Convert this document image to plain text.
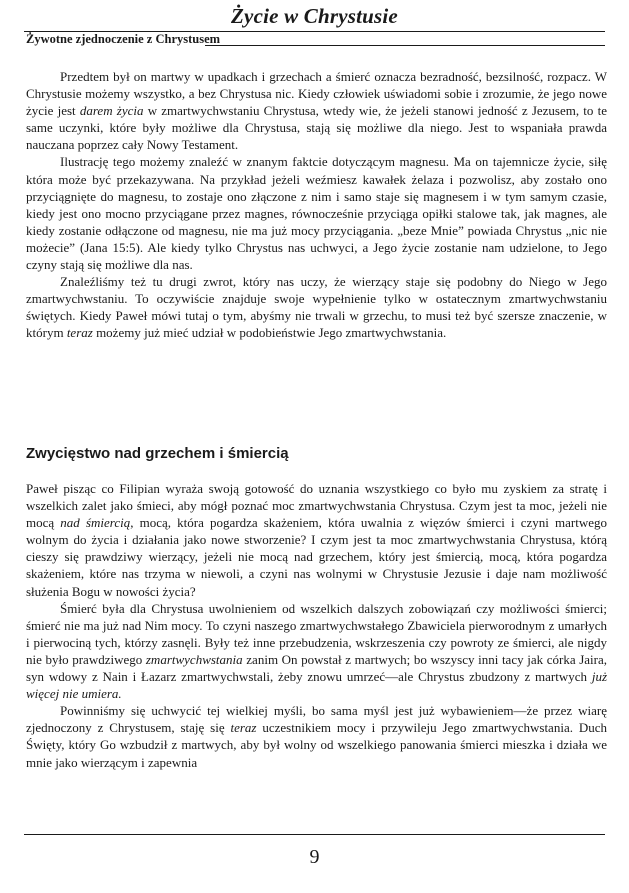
Życie w Chrystusie
Żywotne zjednoczenie z Chrystusem

Przedtem był on martwy w upadkach i grzechach a śmierć oznacza bezradność, bezsilność, rozpacz. W Chrystusie możemy wszystko, a bez Chrystusa nic. Kiedy człowiek uświadomi sobie i zrozumie, że jego nowe życie jest darem życia w zmartwychwstaniu Chrystusa, wtedy wie, że jeżeli stanowi jedność z Jezusem, to te same uczynki, które były możliwe dla Chrystusa, stają się możliwe dla niego. Jest to wspaniała prawda nauczana poprzez cały Nowy Testament.

Ilustrację tego możemy znaleźć w znanym faktcie dotyczącym magnesu. Ma on tajemnicze życie, siłę która może być przekazywana. Na przykład jeżeli weźmiesz kawałek żelaza i pozwolisz, aby zostało ono przyciągnięte do magnesu, to zostaje ono złączone z nim i samo staje się magnesem i w tym samym czasie, kiedy jest ono mocno przyciągane przez magnes, równocześnie przyciąga opiłki stalowe tak, jak magnes, ale kiedy zostanie odłączone od magnesu, nie ma już mocy przyciągania. „beze Mnie” powiada Chrystus „nic nie możecie” (Jana 15:5). Ale kiedy tylko Chrystus nas uchwyci, a Jego życie zostanie nam udzielone, to Jego czyny stają się możliwe dla nas.

Znaleźliśmy też tu drugi zwrot, który nas uczy, że wierzący staje się podobny do Niego w Jego zmartwychwstaniu. To oczywiście znajduje swoje wypełnienie tylko w ostatecznym zmartwychwstaniu świętych. Kiedy Paweł mówi tutaj o tym, abyśmy nie trwali w grzechu, to musi też być szersze znaczenie, w którym teraz możemy już mieć udział w podobieństwie Jego zmartwychwstania.

Zwycięstwo nad grzechem i śmiercią

Paweł pisząc co Filipian wyraża swoją gotowość do uznania wszystkiego co było mu zyskiem za stratę i wszelkich zalet jako śmieci, aby mógł poznać moc zmartwychwstania Chrystusa. Czym jest ta moc, jeżeli nie mocą nad śmiercią, mocą, która pogardza skażeniem, która uwalnia z więzów śmierci i czyni martwego wolnym do życia i działania jako nowe stworzenie? I czym jest ta moc zmartwychwstania Chrystusa, którą cieszy się prawdziwy wierzący, jeżeli nie mocą nad grzechem, który jest śmiercią, mocą, która pogardza skażeniem, które nas trzyma w niewoli, a czyni nas wolnymi w Chrystusie Jezusie i daje nam możliwość służenia Bogu w nowości życia?

Śmierć była dla Chrystusa uwolnieniem od wszelkich dalszych zobowiązań czy możliwości śmierci; śmierć nie ma już nad Nim mocy. To czyni naszego zmartwychwstałego Zbawiciela pierworodnym z umarłych i pierwociną tych, którzy zasnęli. Były też inne przebudzenia, wskrzeszenia czy powroty ze śmierci, ale nigdy nie było prawdziwego zmartwychwstania zanim On powstał z martwych; bo wszyscy inni tacy jak córka Jaira, syn wdowy z Nain i Łazarz zmartwychwstali, żeby znowu umrzeć—ale Chrystus zbudzony z martwych już więcej nie umiera.

Powinniśmy się uchwycić tej wielkiej myśli, bo sama myśl jest już wybawieniem—że przez wiarę zjednoczony z Chrystusem, staję się teraz uczestnikiem mocy i przywileju Jego zmartwychwstania. Duch Święty, który Go wzbudził z martwych, aby był wolny od wszelkiego panowania śmierci mieszka i działa we mnie jako wierzącym i zapewnia

9
